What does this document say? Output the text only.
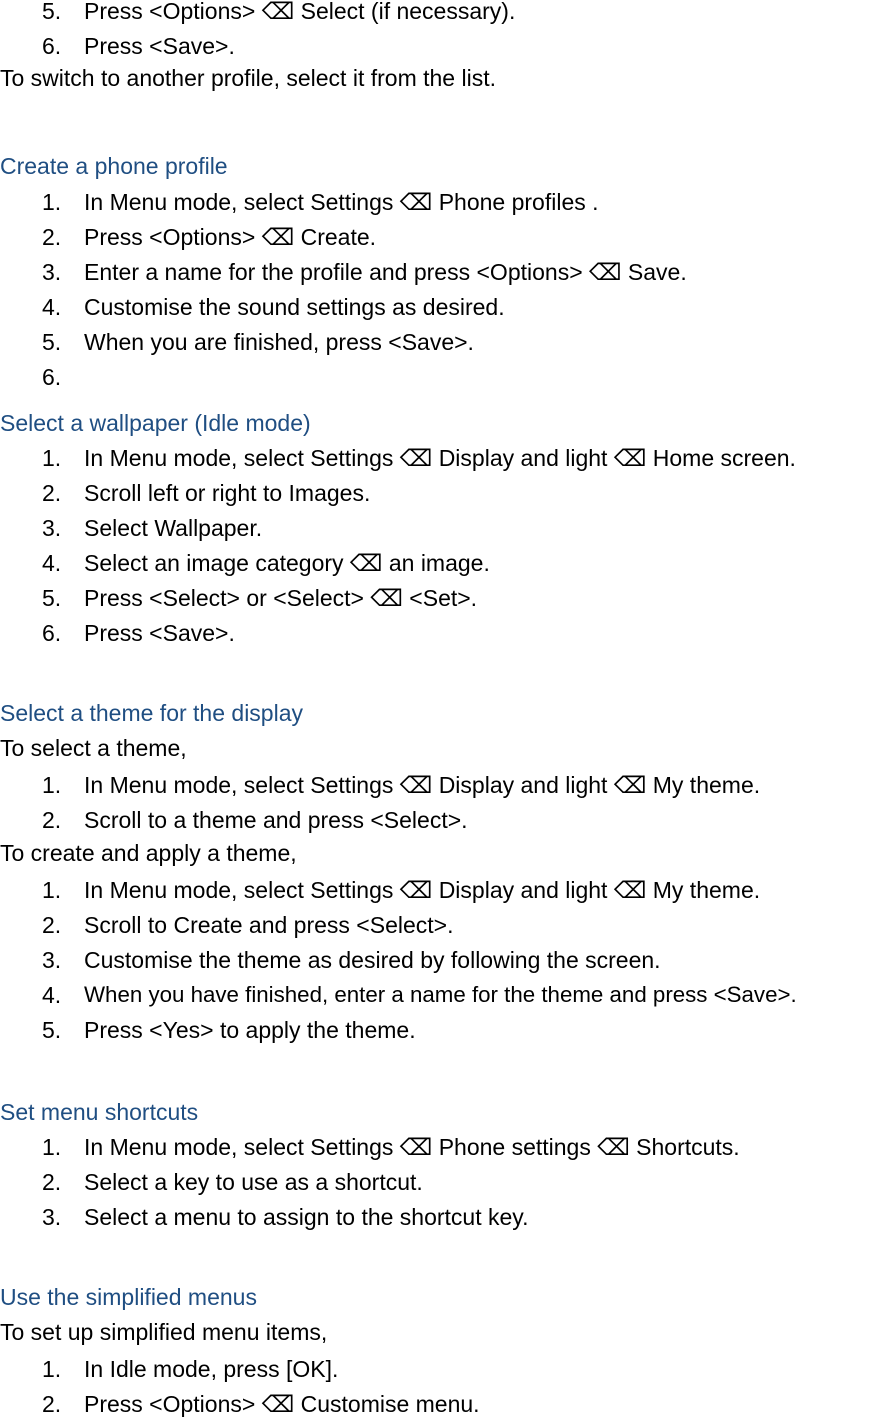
5. Press <Options> ⌫ Select (if necessary).
6. Press <Save>.
To switch to another profile, select it from the list.
Create a phone profile
1. In Menu mode, select Settings ⌫ Phone profiles .
2. Press <Options> ⌫ Create.
3. Enter a name for the profile and press <Options> ⌫ Save.
4. Customise the sound settings as desired.
5. When you are finished, press <Save>.
6.
Select a wallpaper (Idle mode)
1. In Menu mode, select Settings ⌫ Display and light ⌫ Home screen.
2. Scroll left or right to Images.
3. Select Wallpaper.
4. Select an image category ⌫ an image.
5. Press <Select> or <Select> ⌫ <Set>.
6. Press <Save>.
Select a theme for the display
To select a theme,
1. In Menu mode, select Settings ⌫ Display and light ⌫ My theme.
2. Scroll to a theme and press <Select>.
To create and apply a theme,
1. In Menu mode, select Settings ⌫ Display and light ⌫ My theme.
2. Scroll to Create and press <Select>.
3. Customise the theme as desired by following the screen.
4. When you have finished, enter a name for the theme and press <Save>.
5. Press <Yes> to apply the theme.
Set menu shortcuts
1. In Menu mode, select Settings ⌫ Phone settings ⌫ Shortcuts.
2. Select a key to use as a shortcut.
3. Select a menu to assign to the shortcut key.
Use the simplified menus
To set up simplified menu items,
1. In Idle mode, press [OK].
2. Press <Options> ⌫ Customise menu.
